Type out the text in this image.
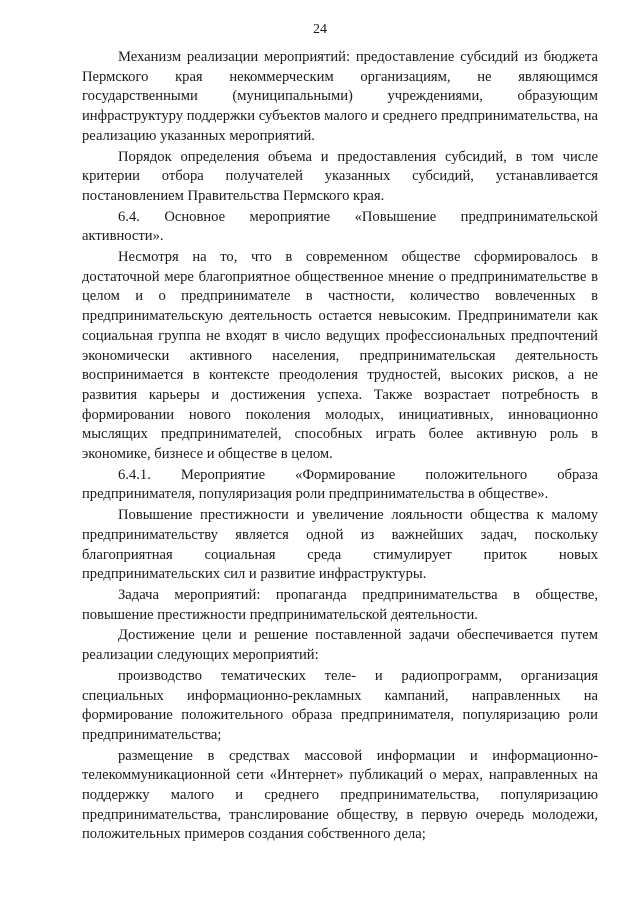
24

Механизм реализации мероприятий: предоставление субсидий из бюджета Пермского края некоммерческим организациям, не являющимся государственными (муниципальными) учреждениями, образующим инфраструктуру поддержки субъектов малого и среднего предпринимательства, на реализацию указанных мероприятий.

Порядок определения объема и предоставления субсидий, в том числе критерии отбора получателей указанных субсидий, устанавливается постановлением Правительства Пермского края.

6.4. Основное мероприятие «Повышение предпринимательской активности».

Несмотря на то, что в современном обществе сформировалось в достаточной мере благоприятное общественное мнение о предпринимательстве в целом и о предпринимателе в частности, количество вовлеченных в предпринимательскую деятельность остается невысоким. Предприниматели как социальная группа не входят в число ведущих профессиональных предпочтений экономически активного населения, предпринимательская деятельность воспринимается в контексте преодоления трудностей, высоких рисков, а не развития карьеры и достижения успеха. Также возрастает потребность в формировании нового поколения молодых, инициативных, инновационно мыслящих предпринимателей, способных играть более активную роль в экономике, бизнесе и обществе в целом.

6.4.1. Мероприятие «Формирование положительного образа предпринимателя, популяризация роли предпринимательства в обществе».

Повышение престижности и увеличение лояльности общества к малому предпринимательству является одной из важнейших задач, поскольку благоприятная социальная среда стимулирует приток новых предпринимательских сил и развитие инфраструктуры.

Задача мероприятий: пропаганда предпринимательства в обществе, повышение престижности предпринимательской деятельности.

Достижение цели и решение поставленной задачи обеспечивается путем реализации следующих мероприятий:

производство тематических теле- и радиопрограмм, организация специальных информационно-рекламных кампаний, направленных на формирование положительного образа предпринимателя, популяризацию роли предпринимательства;

размещение в средствах массовой информации и информационно-телекоммуникационной сети «Интернет» публикаций о мерах, направленных на поддержку малого и среднего предпринимательства, популяризацию предпринимательства, транслирование обществу, в первую очередь молодежи, положительных примеров создания собственного дела;
